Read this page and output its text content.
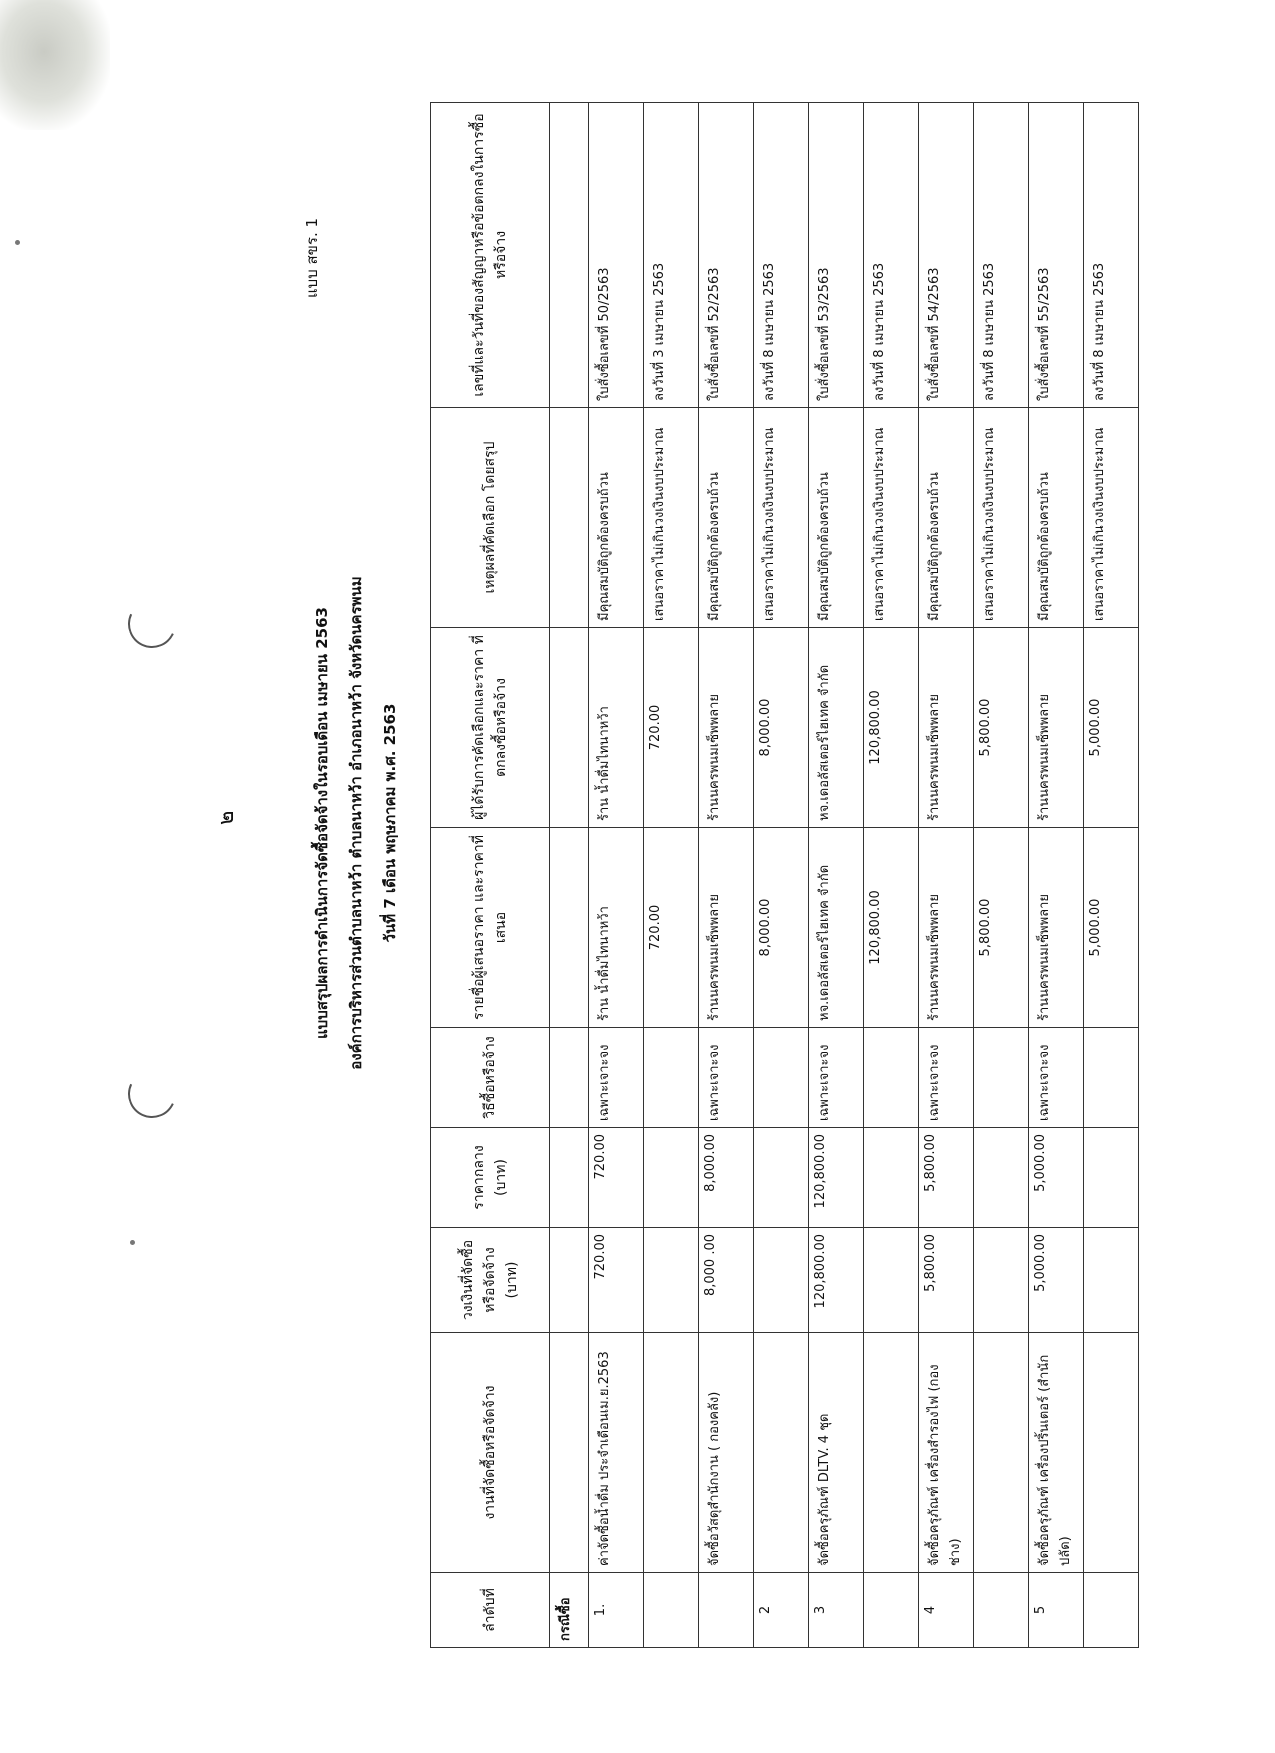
แบบ สขร. 1
๒	แบบสรุปผลการดำเนินการจัดซื้อจัดจ้างในรอบเดือน เมษายน 2563	องค์การบริหารส่วนตำบลนาหว้า ตำบลนาหว้า อำเภอนาหว้า จังหวัดนครพนม	วันที่ 7 เดือน พฤษภาคม พ.ศ. 2563
ลำดับที่	งานที่จัดซื้อหรือจัดจ้าง	วงเงินที่จัดซื้อหรือจัดจ้าง (บาท)	ราคากลาง (บาท)	วิธีซื้อหรือจ้าง	รายชื่อผู้เสนอราคา และราคาที่เสนอ	ผู้ได้รับการคัดเลือกและราคา ที่ตกลงซื้อหรือจ้าง	เหตุผลที่คัดเลือก โดยสรุป	เลขที่และวันที่ของสัญญาหรือข้อตกลงในการซื้อหรือจ้าง
กรณีซื้อ								
1.	ค่าจัดซื้อน้ำดื่ม ประจำเดือนเม.ย.2563	720.00	720.00	เฉพาะเจาะจง	ร้าน น้ำดื่มไทนาหว้า	ร้าน น้ำดื่มไทนาหว้า	มีคุณสมบัติถูกต้องครบถ้วน	ใบสั่งซื้อเลขที่ 50/2563
					720.00	720.00	เสนอราคาไม่เกินวงเงินงบประมาณ	ลงวันที่ 3 เมษายน 2563
	จัดซื้อวัสดุสำนักงาน ( กองคลัง)	8,000 .00	8,000.00	เฉพาะเจาะจง	ร้านนครพนมเซ็พพลาย	ร้านนครพนมเซ็พพลาย	มีคุณสมบัติถูกต้องครบถ้วน	ใบสั่งซื้อเลขที่ 52/2563
2					8,000.00	8,000.00	เสนอราคาไม่เกินวงเงินงบประมาณ	ลงวันที่ 8 เมษายน 2563
3	จัดซื้อครุภัณฑ์ DLTV. 4 ชุด	120,800.00	120,800.00	เฉพาะเจาะจง	หจ.เดอลัสเตอร์ไฮเทค จำกัด	หจ.เดอลัสเตอร์ไฮเทค จำกัด	มีคุณสมบัติถูกต้องครบถ้วน	ใบสั่งซื้อเลขที่ 53/2563
					120,800.00	120,800.00	เสนอราคาไม่เกินวงเงินงบประมาณ	ลงวันที่ 8 เมษายน 2563
4	จัดซื้อครุภัณฑ์ เครื่องสำรองไฟ (กองช่าง)	5,800.00	5,800.00	เฉพาะเจาะจง	ร้านนครพนมเซ็พพลาย	ร้านนครพนมเซ็พพลาย	มีคุณสมบัติถูกต้องครบถ้วน	ใบสั่งซื้อเลขที่ 54/2563
					5,800.00	5,800.00	เสนอราคาไม่เกินวงเงินงบประมาณ	ลงวันที่ 8 เมษายน 2563
5	จัดซื้อครุภัณฑ์ เครื่องปริ้นเตอร์ (สำนักปลัด)	5,000.00	5,000.00	เฉพาะเจาะจง	ร้านนครพนมเซ็พพลาย	ร้านนครพนมเซ็พพลาย	มีคุณสมบัติถูกต้องครบถ้วน	ใบสั่งซื้อเลขที่ 55/2563
					5,000.00	5,000.00	เสนอราคาไม่เกินวงเงินงบประมาณ	ลงวันที่ 8 เมษายน 2563
